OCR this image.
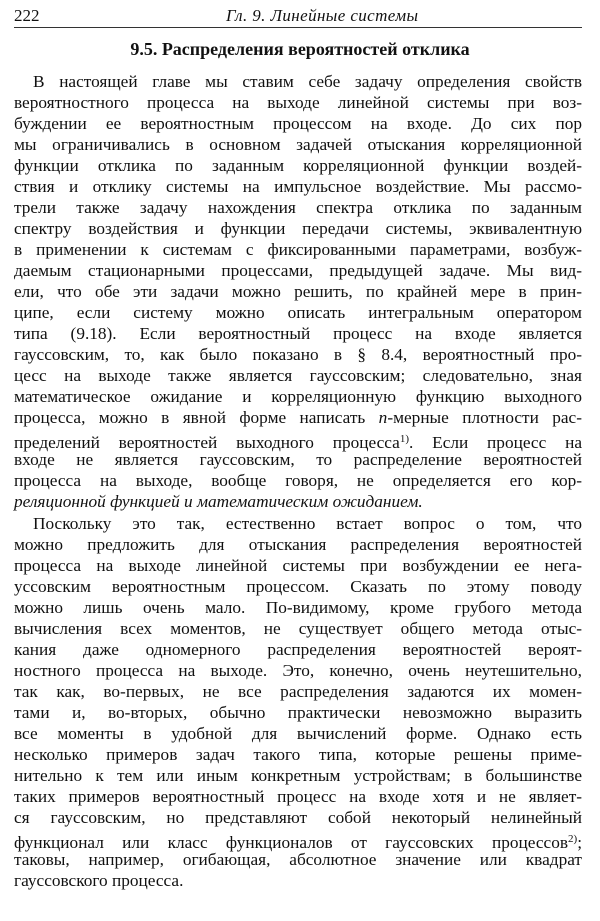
222	Гл. 9. Линейные системы
9.5. Распределения вероятностей отклика
В настоящей главе мы ставим себе задачу определения свойств
вероятностного процесса на выходе линейной системы при воз-
буждении ее вероятностным процессом на входе. До сих пор
мы ограничивались в основном задачей отыскания корреляционной
функции отклика по заданным корреляционной функции воздей-
ствия и отклику системы на импульсное воздействие. Мы рассмо-
трели также задачу нахождения спектра отклика по заданным
спектру воздействия и функции передачи системы, эквивалентную
в применении к системам с фиксированными параметрами, возбуж-
даемым стационарными процессами, предыдущей задаче. Мы вид-
ели, что обе эти задачи можно решить, по крайней мере в прин-
ципе, если систему можно описать интегральным оператором
типа (9.18). Если вероятностный процесс на входе является
гауссовским, то, как было показано в § 8.4, вероятностный про-
цесс на выходе также является гауссовским; следовательно, зная
математическое ожидание и корреляционную функцию выходного
процесса, можно в явной форме написать n-мерные плотности рас-
пределений вероятностей выходного процесса$^{1)}$. Если процесс на
входе не является гауссовским, то распределение вероятностей
процесса на выходе, вообще говоря, не определяется его кор-
реляционной функцией и математическим ожиданием.
Поскольку это так, естественно встает вопрос о том, что
можно предложить для отыскания распределения вероятностей
процесса на выходе линейной системы при возбуждении ее негa-
уссовским вероятностным процессом. Сказать по этому поводу
можно лишь очень мало. По-видимому, кроме грубого метода
вычисления всех моментов, не существует общего метода отыс-
кания даже одномерного распределения вероятностей вероят-
ностного процесса на выходе. Это, конечно, очень неутешительно,
так как, во-первых, не все распределения задаются их момен-
тами и, во-вторых, обычно практически невозможно выразить
все моменты в удобной для вычислений форме. Однако есть
несколько примеров задач такого типа, которые решены приме-
нительно к тем или иным конкретным устройствам; в большинстве
таких примеров вероятностный процесс на входе хотя и не являет-
ся гауссовским, но представляют собой некоторый нелинейный
функционал или класс функционалов от гауссовских процессов$^{2)}$;
таковы, например, огибающая, абсолютное значение или квадрат
гауссовского процесса.
